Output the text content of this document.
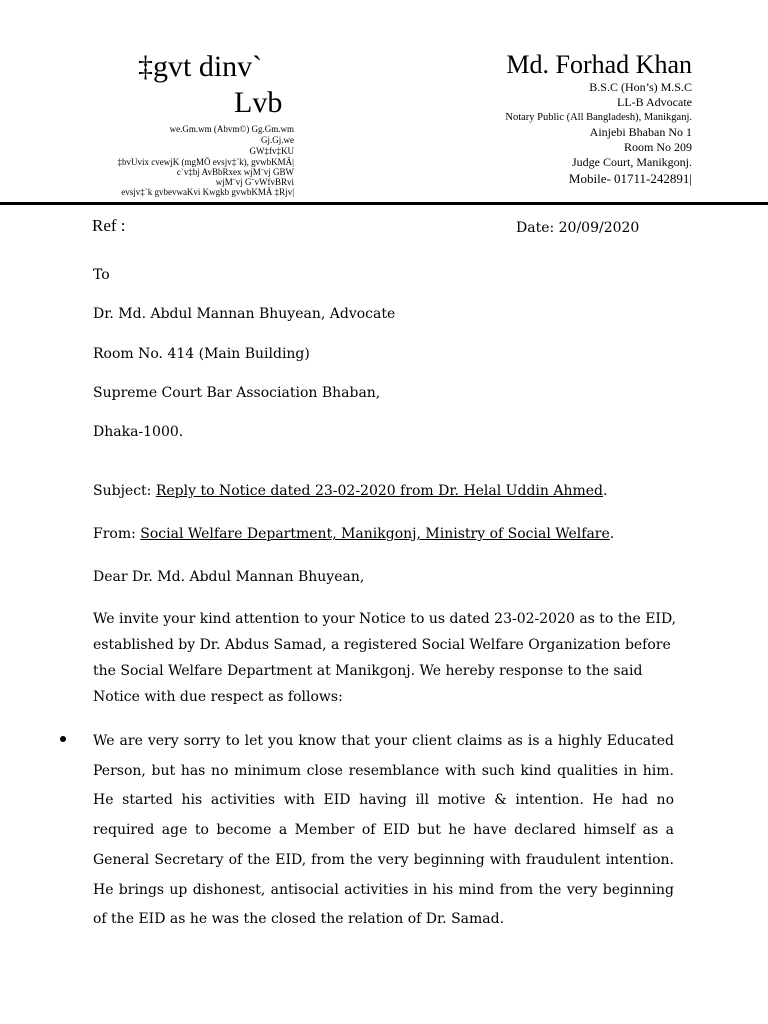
‡gvt dinv`
Lvb
we.Gm.wm (Abvm©) Gg.Gm.wm
Gj.Gj.we
GW‡fv‡KU
‡bvUvix cvewjK (mgMÖ evsjv‡`k), gvwbKMÄ|
c`v‡bj AvBbRxex wjM¨vj GBW
wjM¨vj G¨vWfvBRvi
evsjv‡`k gvbevwaKvi Kwgkb gvwbKMÄ ‡Rjv|
Md. Forhad Khan
B.S.C (Hon’s) M.S.C
LL-B Advocate
Notary Public (All Bangladesh), Manikganj.
Ainjebi Bhaban No 1
Room No 209
Judge Court, Manikgonj.
Mobile- 01711-242891|
Ref :	Date: 20/09/2020
To
Dr. Md. Abdul Mannan Bhuyean, Advocate
Room No. 414 (Main Building)
Supreme Court Bar Association Bhaban,
Dhaka-1000.
Subject: Reply to Notice dated 23-02-2020 from Dr. Helal Uddin Ahmed.
From: Social Welfare Department, Manikgonj, Ministry of Social Welfare.
Dear Dr. Md. Abdul Mannan Bhuyean,
We invite your kind attention to your Notice to us dated 23-02-2020 as to the EID, established by Dr. Abdus Samad, a registered Social Welfare Organization before the Social Welfare Department at Manikgonj. We hereby response to the said Notice with due respect as follows:
We are very sorry to let you know that your client claims as is a highly Educated Person, but has no minimum close resemblance with such kind qualities in him. He started his activities with EID having ill motive & intention. He had no required age to become a Member of EID but he have declared himself as a General Secretary of the EID, from the very beginning with fraudulent intention. He brings up dishonest, antisocial activities in his mind from the very beginning of the EID as he was the closed the relation of Dr. Samad.
